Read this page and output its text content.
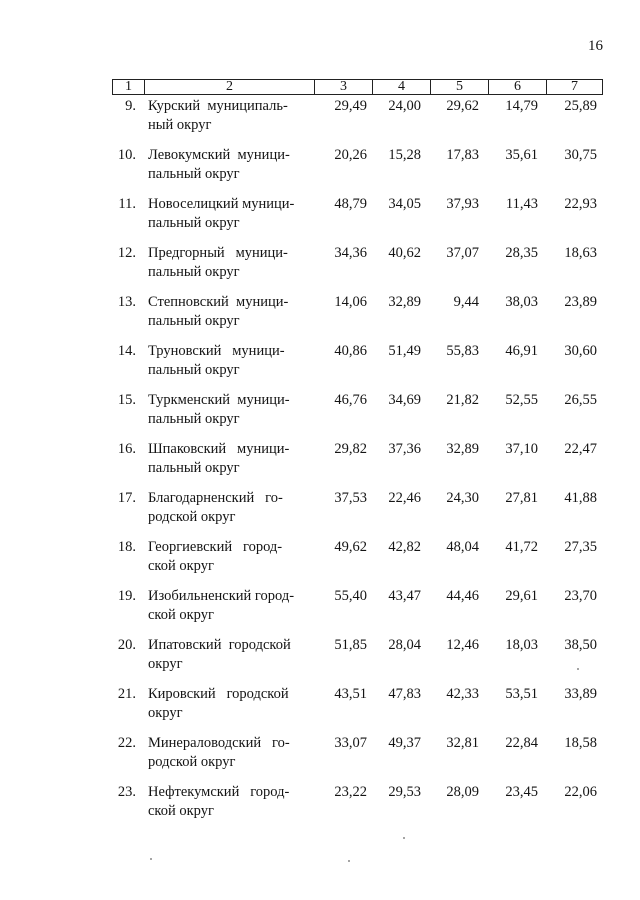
16
1	2	3	4	5	6	7
9. Курский  муниципаль-
ный округ
29,49	24,00	29,62	14,79	25,89
10. Левокумский  муници-
пальный округ
20,26	15,28	17,83	35,61	30,75
11. Новоселицкий муници-
пальный округ
48,79	34,05	37,93	11,43	22,93
12. Предгорный   муници-
пальный округ
34,36	40,62	37,07	28,35	18,63
13. Степновский  муници-
пальный округ
14,06	32,89	9,44	38,03	23,89
14. Труновский   муници-
пальный округ
40,86	51,49	55,83	46,91	30,60
15. Туркменский  муници-
пальный округ
46,76	34,69	21,82	52,55	26,55
16. Шпаковский   муници-
пальный округ
29,82	37,36	32,89	37,10	22,47
17. Благодарненский   го-
родской округ
37,53	22,46	24,30	27,81	41,88
18. Георгиевский   город-
ской округ
49,62	42,82	48,04	41,72	27,35
19. Изобильненский город-
ской округ
55,40	43,47	44,46	29,61	23,70
20. Ипатовский  городской
округ
51,85	28,04	12,46	18,03	38,50
21. Кировский   городской
округ
43,51	47,83	42,33	53,51	33,89
22. Минераловодский   го-
родской округ
33,07	49,37	32,81	22,84	18,58
23. Нефтекумский   город-
ской округ
23,22	29,53	28,09	23,45	22,06
